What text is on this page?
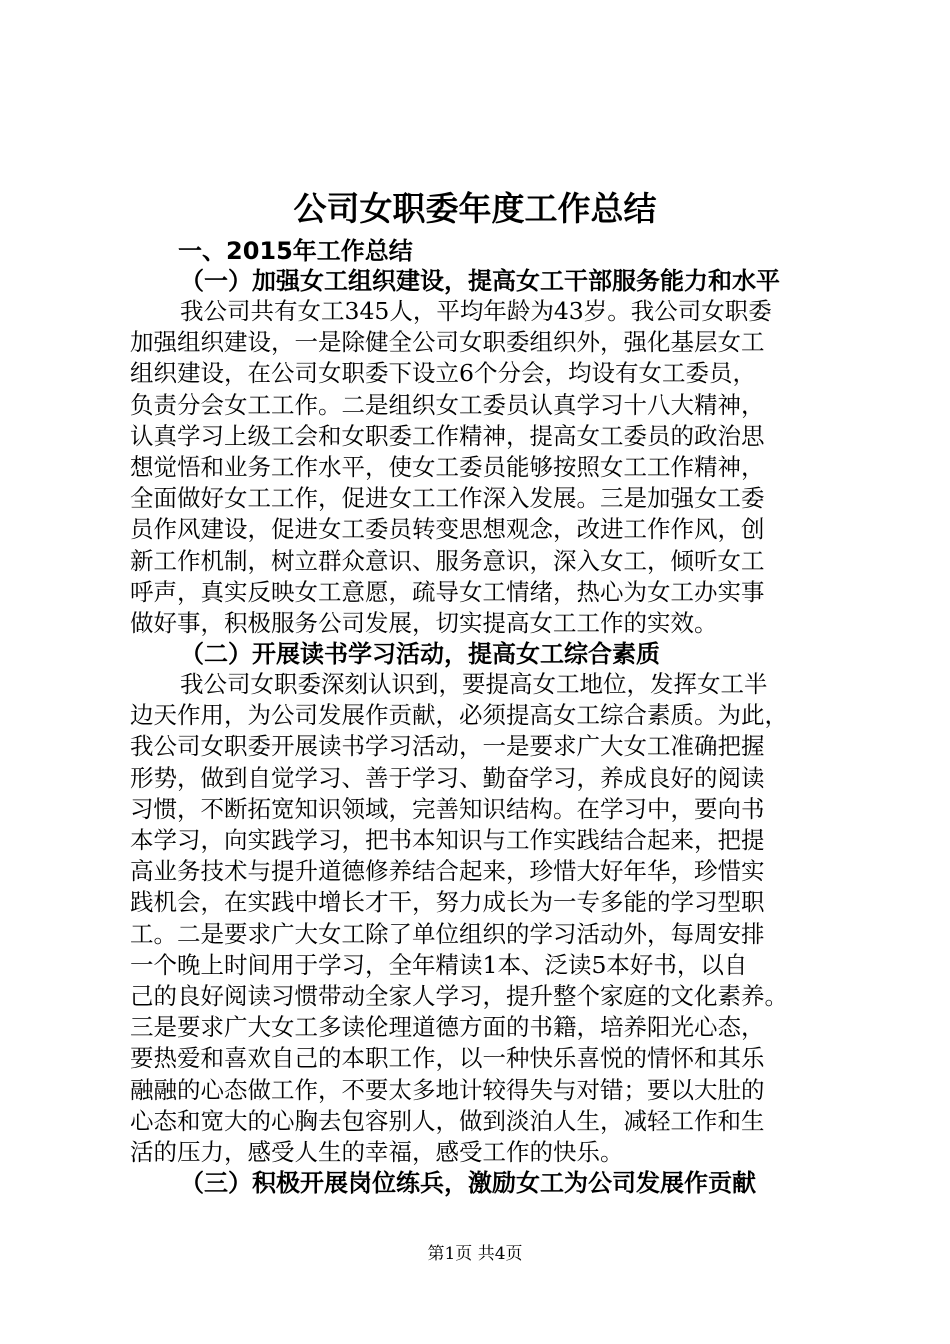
公司女职委年度工作总结
一、2015年工作总结
（一）加强女工组织建设，提高女工干部服务能力和水平
我公司共有女工345人，平均年龄为43岁。我公司女职委
加强组织建设，一是除健全公司女职委组织外，强化基层女工
组织建设，在公司女职委下设立6个分会，均设有女工委员，
负责分会女工工作。二是组织女工委员认真学习十八大精神，
认真学习上级工会和女职委工作精神，提高女工委员的政治思
想觉悟和业务工作水平，使女工委员能够按照女工工作精神，
全面做好女工工作，促进女工工作深入发展。三是加强女工委
员作风建设，促进女工委员转变思想观念，改进工作作风，创
新工作机制，树立群众意识、服务意识，深入女工，倾听女工
呼声，真实反映女工意愿，疏导女工情绪，热心为女工办实事
做好事，积极服务公司发展，切实提高女工工作的实效。
（二）开展读书学习活动，提高女工综合素质
我公司女职委深刻认识到，要提高女工地位，发挥女工半
边天作用，为公司发展作贡献，必须提高女工综合素质。为此，
我公司女职委开展读书学习活动，一是要求广大女工准确把握
形势，做到自觉学习、善于学习、勤奋学习，养成良好的阅读
习惯，不断拓宽知识领域，完善知识结构。在学习中，要向书
本学习，向实践学习，把书本知识与工作实践结合起来，把提
高业务技术与提升道德修养结合起来，珍惜大好年华，珍惜实
践机会，在实践中增长才干，努力成长为一专多能的学习型职
工。二是要求广大女工除了单位组织的学习活动外，每周安排
一个晚上时间用于学习，全年精读1本、泛读5本好书，以自
己的良好阅读习惯带动全家人学习，提升整个家庭的文化素养。
三是要求广大女工多读伦理道德方面的书籍，培养阳光心态，
要热爱和喜欢自己的本职工作，以一种快乐喜悦的情怀和其乐
融融的心态做工作，不要太多地计较得失与对错；要以大肚的
心态和宽大的心胸去包容别人，做到淡泊人生，减轻工作和生
活的压力，感受人生的幸福，感受工作的快乐。
（三）积极开展岗位练兵，激励女工为公司发展作贡献
第1页 共4页
